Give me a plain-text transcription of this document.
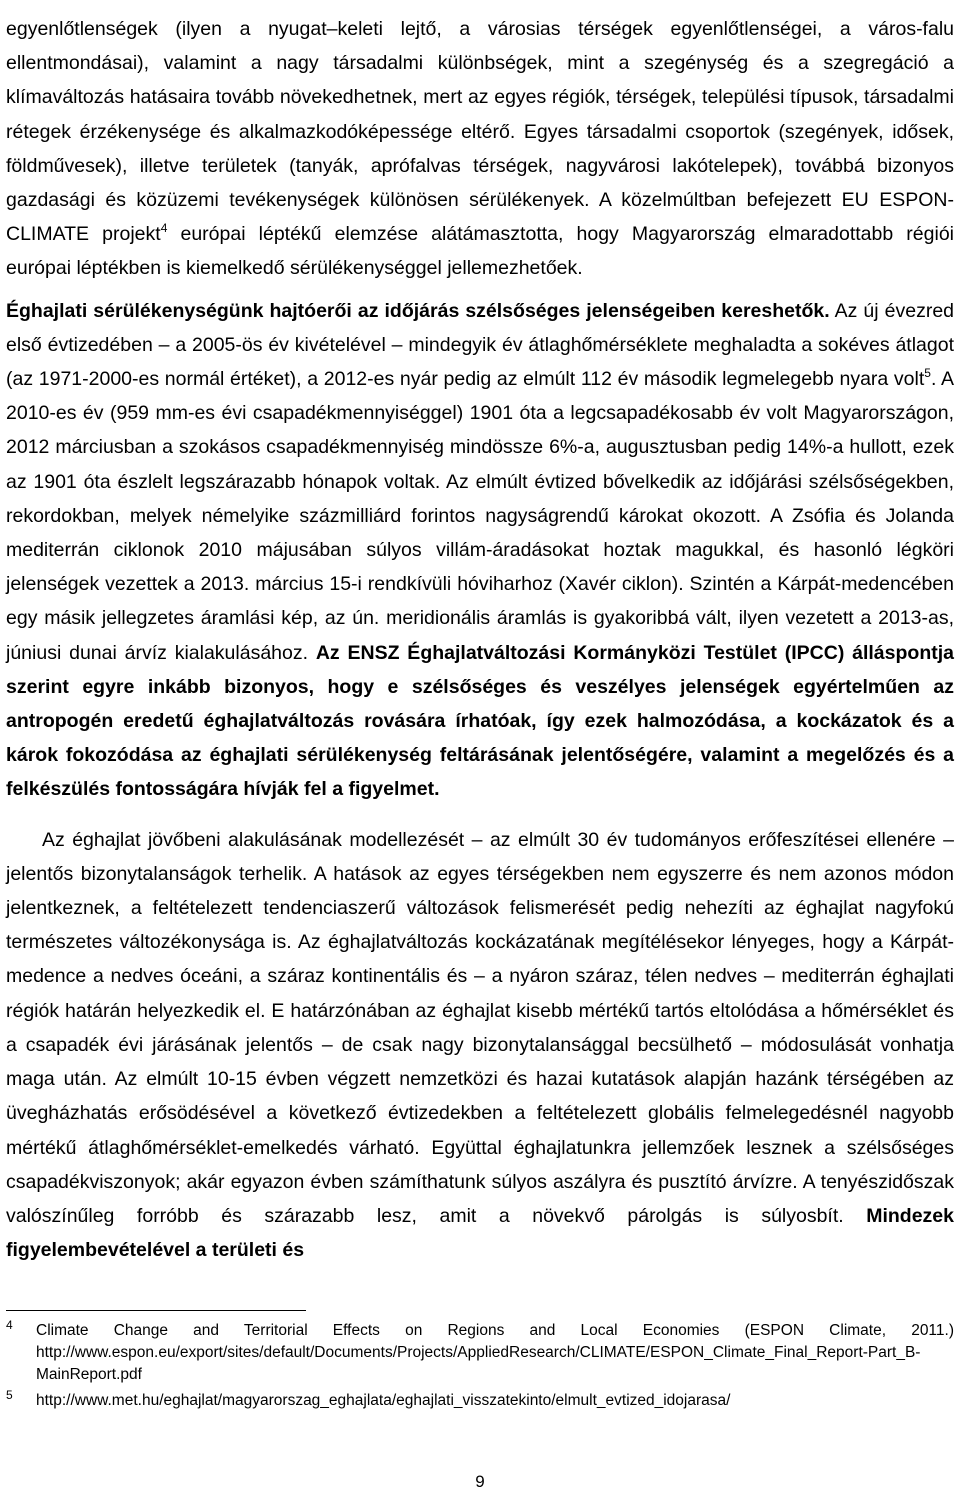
egyenlőtlenségek (ilyen a nyugat–keleti lejtő, a városias térségek egyenlőtlenségei, a város-falu ellentmondásai), valamint a nagy társadalmi különbségek, mint a szegénység és a szegregáció a klímaváltozás hatásaira tovább növekedhetnek, mert az egyes régiók, térségek, települési típusok, társadalmi rétegek érzékenysége és alkalmazkodóképessége eltérő. Egyes társadalmi csoportok (szegények, idősek, földművesek), illetve területek (tanyák, aprófalvas térségek, nagyvárosi lakótelepek), továbbá bizonyos gazdasági és közüzemi tevékenységek különösen sérülékenyek. A közelmúltban befejezett EU ESPON-CLIMATE projekt$^4$ európai léptékű elemzése alátámasztotta, hogy Magyarország elmaradottabb régiói európai léptékben is kiemelkedő sérülékenységgel jellemezhetőek.

Éghajlati sérülékenységünk hajtóerői az időjárás szélsőséges jelenségeiben kereshetők. Az új évezred első évtizedében ‒ a 2005-ös év kivételével ‒ mindegyik év átlaghőmérséklete meghaladta a sokéves átlagot (az 1971-2000-es normál értéket), a 2012-es nyár pedig az elmúlt 112 év második legmelegebb nyara volt$^5$. A 2010-es év (959 mm-es évi csapadékmennyiséggel) 1901 óta a legcsapadékosabb év volt Magyarországon, 2012 márciusban a szokásos csapadékmennyiség mindössze 6%-a, augusztusban pedig 14%-a hullott, ezek az 1901 óta észlelt legszárazabb hónapok voltak. Az elmúlt évtized bővelkedik az időjárási szélsőségekben, rekordokban, melyek némelyike százmilliárd forintos nagyságrendű károkat okozott. A Zsófia és Jolanda mediterrán ciklonok 2010 májusában súlyos villám-áradásokat hoztak magukkal, és hasonló légköri jelenségek vezettek a 2013. március 15-i rendkívüli hóviharhoz (Xavér ciklon). Szintén a Kárpát-medencében egy másik jellegzetes áramlási kép, az ún. meridionális áramlás is gyakoribbá vált, ilyen vezetett a 2013-as, júniusi dunai árvíz kialakulásához. Az ENSZ Éghajlatváltozási Kormányközi Testület (IPCC) álláspontja szerint egyre inkább bizonyos, hogy e szélsőséges és veszélyes jelenségek egyértelműen az antropogén eredetű éghajlatváltozás rovására írhatóak, így ezek halmozódása, a kockázatok és a károk fokozódása az éghajlati sérülékenység feltárásának jelentőségére, valamint a megelőzés és a felkészülés fontosságára hívják fel a figyelmet.

Az éghajlat jövőbeni alakulásának modellezését ‒ az elmúlt 30 év tudományos erőfeszítései ellenére ‒ jelentős bizonytalanságok terhelik. A hatások az egyes térségekben nem egyszerre és nem azonos módon jelentkeznek, a feltételezett tendenciaszerű változások felismerését pedig nehezíti az éghajlat nagyfokú természetes változékonysága is. Az éghajlatváltozás kockázatának megítélésekor lényeges, hogy a Kárpát-medence a nedves óceáni, a száraz kontinentális és ‒ a nyáron száraz, télen nedves ‒ mediterrán éghajlati régiók határán helyezkedik el. E határzónában az éghajlat kisebb mértékű tartós eltolódása a hőmérséklet és a csapadék évi járásának jelentős ‒ de csak nagy bizonytalansággal becsülhető ‒ módosulását vonhatja maga után. Az elmúlt 10-15 évben végzett nemzetközi és hazai kutatások alapján hazánk térségében az üvegházhatás erősödésével a következő évtizedekben a feltételezett globális felmelegedésnél nagyobb mértékű átlaghőmérséklet-emelkedés várható. Együttal éghajlatunkra jellemzőek lesznek a szélsőséges csapadékviszonyok; akár egyazon évben számíthatunk súlyos aszályra és pusztító árvízre. A tenyészidőszak valószínűleg forróbb és szárazabb lesz, amit a növekvő párolgás is súlyosbít. Mindezek figyelembevételével a területi és

4 Climate Change and Territorial Effects on Regions and Local Economies (ESPON Climate, 2011.) http://www.espon.eu/export/sites/default/Documents/Projects/AppliedResearch/CLIMATE/ESPON_Climate_Final_Report-Part_B-MainReport.pdf
5 http://www.met.hu/eghajlat/magyarorszag_eghajlata/eghajlati_visszatekinto/elmult_evtized_idojarasa/
9
